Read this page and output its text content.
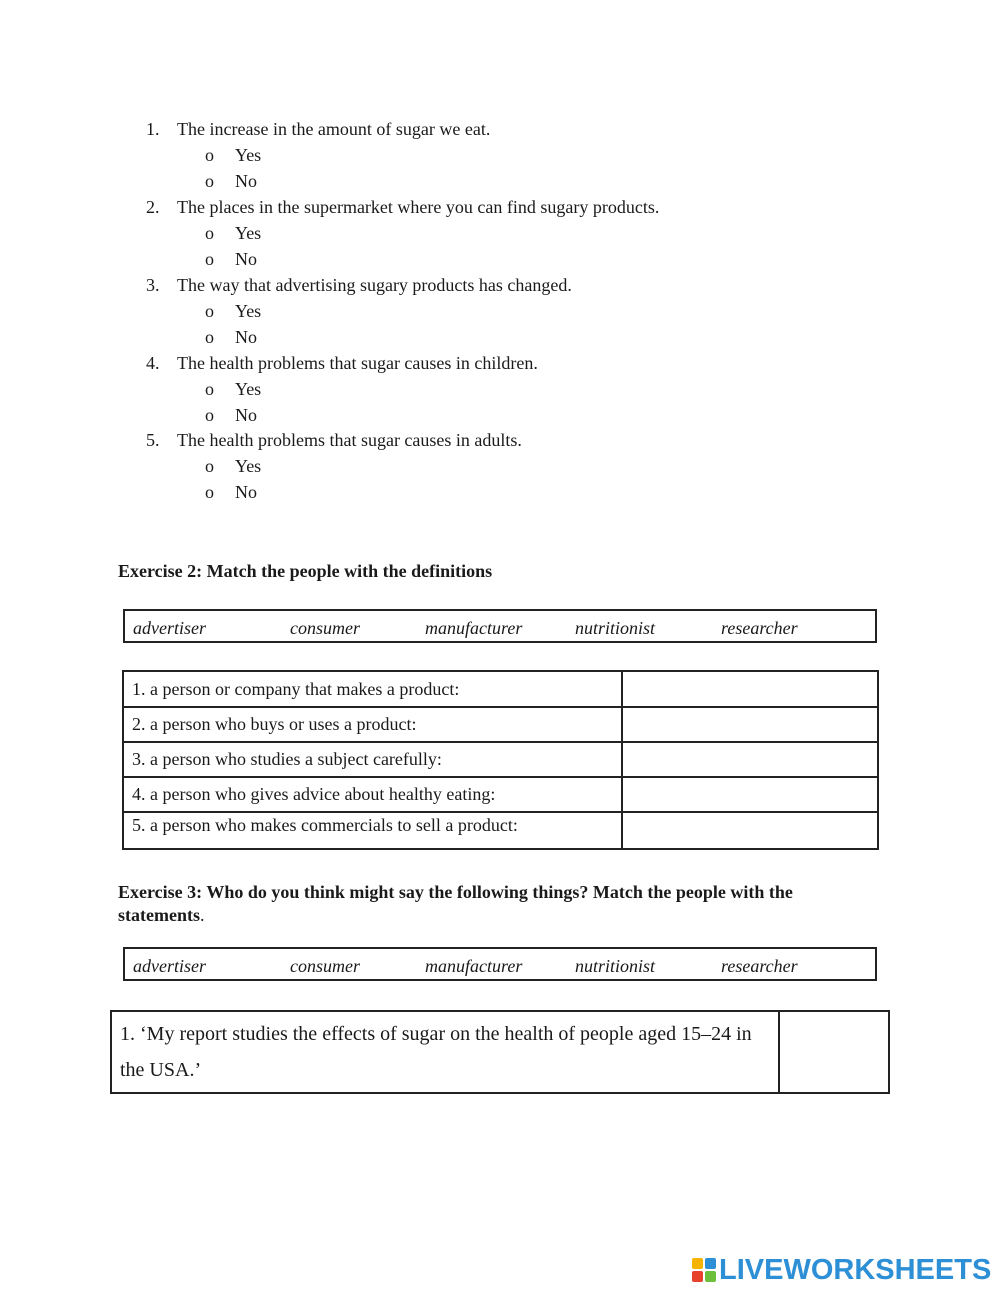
1. The increase in the amount of sugar we eat.
o Yes
o No
2. The places in the supermarket where you can find sugary products.
o Yes
o No
3. The way that advertising sugary products has changed.
o Yes
o No
4. The health problems that sugar causes in children.
o Yes
o No
5. The health problems that sugar causes in adults.
o Yes
o No
Exercise 2: Match the people with the definitions
advertiser	consumer	manufacturer	nutritionist	researcher
1. a person or company that makes a product:	
2. a person who buys or uses a product:	
3. a person who studies a subject carefully:	
4. a person who gives advice about healthy eating:	
5. a person who makes commercials to sell a product:	
Exercise 3: Who do you think might say the following things? Match the people with the statements.
advertiser	consumer	manufacturer	nutritionist	researcher
1. ‘My report studies the effects of sugar on the health of people aged 15–24 in the USA.’	
LIVEWORKSHEETS
